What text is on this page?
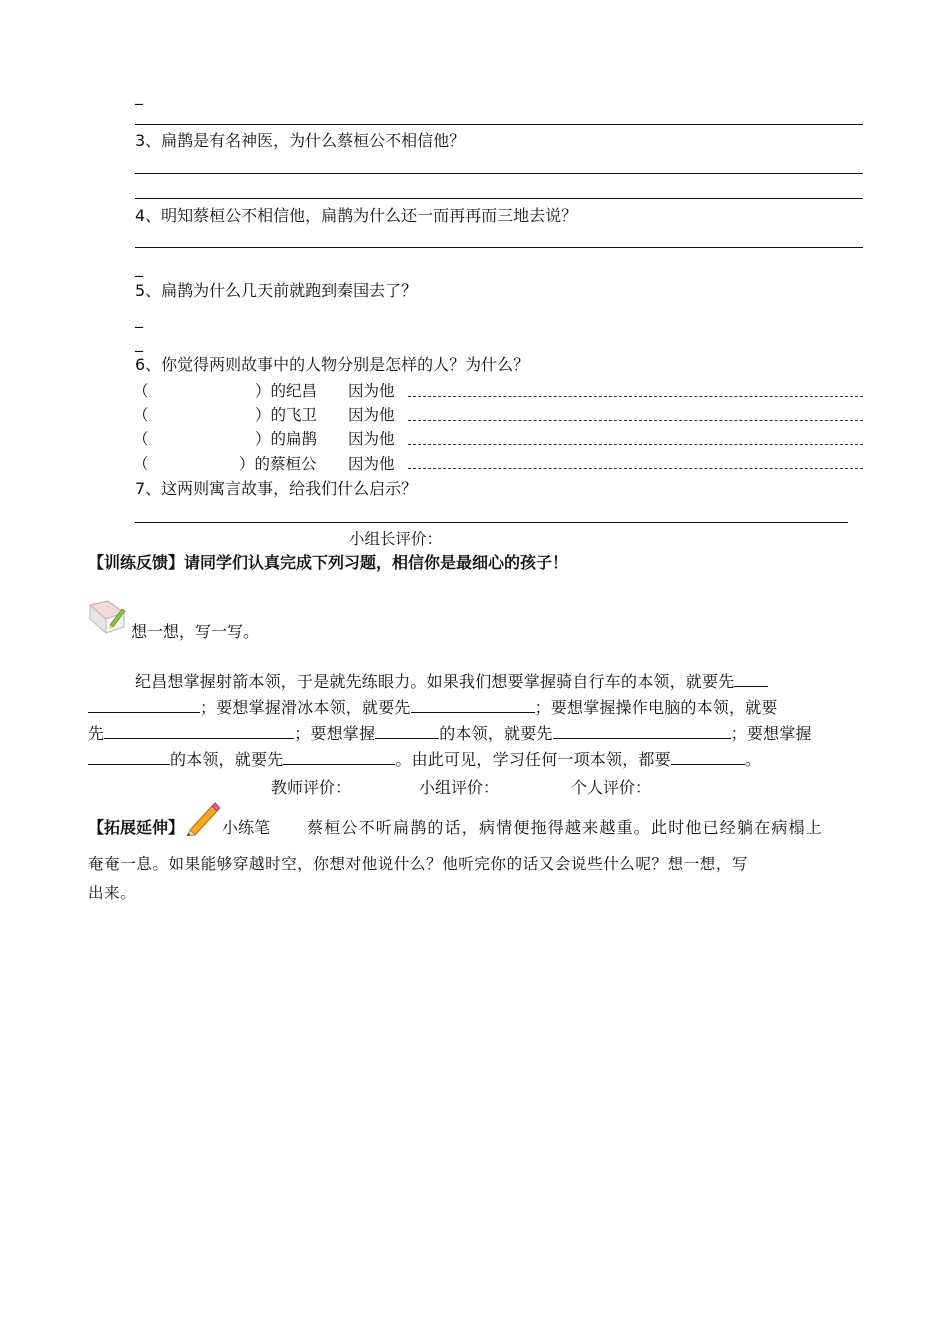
_
3、扁鹊是有名神医，为什么蔡桓公不相信他？
4、明知蔡桓公不相信他，扁鹊为什么还一而再再而三地去说？
_
5、扁鹊为什么几天前就跑到秦国去了？
_
_
6、你觉得两则故事中的人物分别是怎样的人？为什么？
（	）的纪昌 因为他
（	）的飞卫 因为他
（	）的扁鹊 因为他
（	）的蔡桓公 因为他
7、这两则寓言故事，给我们什么启示？
小组长评价：
【训练反馈】请同学们认真完成下列习题，相信你是最细心的孩子！
想一想，写一写。
纪昌想掌握射箭本领，于是就先练眼力。如果我们想要掌握骑自行车的本领，就要先
；要想掌握滑冰本领，就要先	；要想掌握操作电脑的本领，就要
先	；要想掌握	的本领，就要先	；要想掌握
的本领，就要先	。由此可见，学习任何一项本领，都要	。
教师评价：	小组评价：	个人评价：
【拓展延伸】 小练笔 蔡桓公不听扁鹊的话，病情便拖得越来越重。此时他已经躺在病榻上
奄奄一息。如果能够穿越时空，你想对他说什么？他听完你的话又会说些什么呢？想一想，写
出来。
